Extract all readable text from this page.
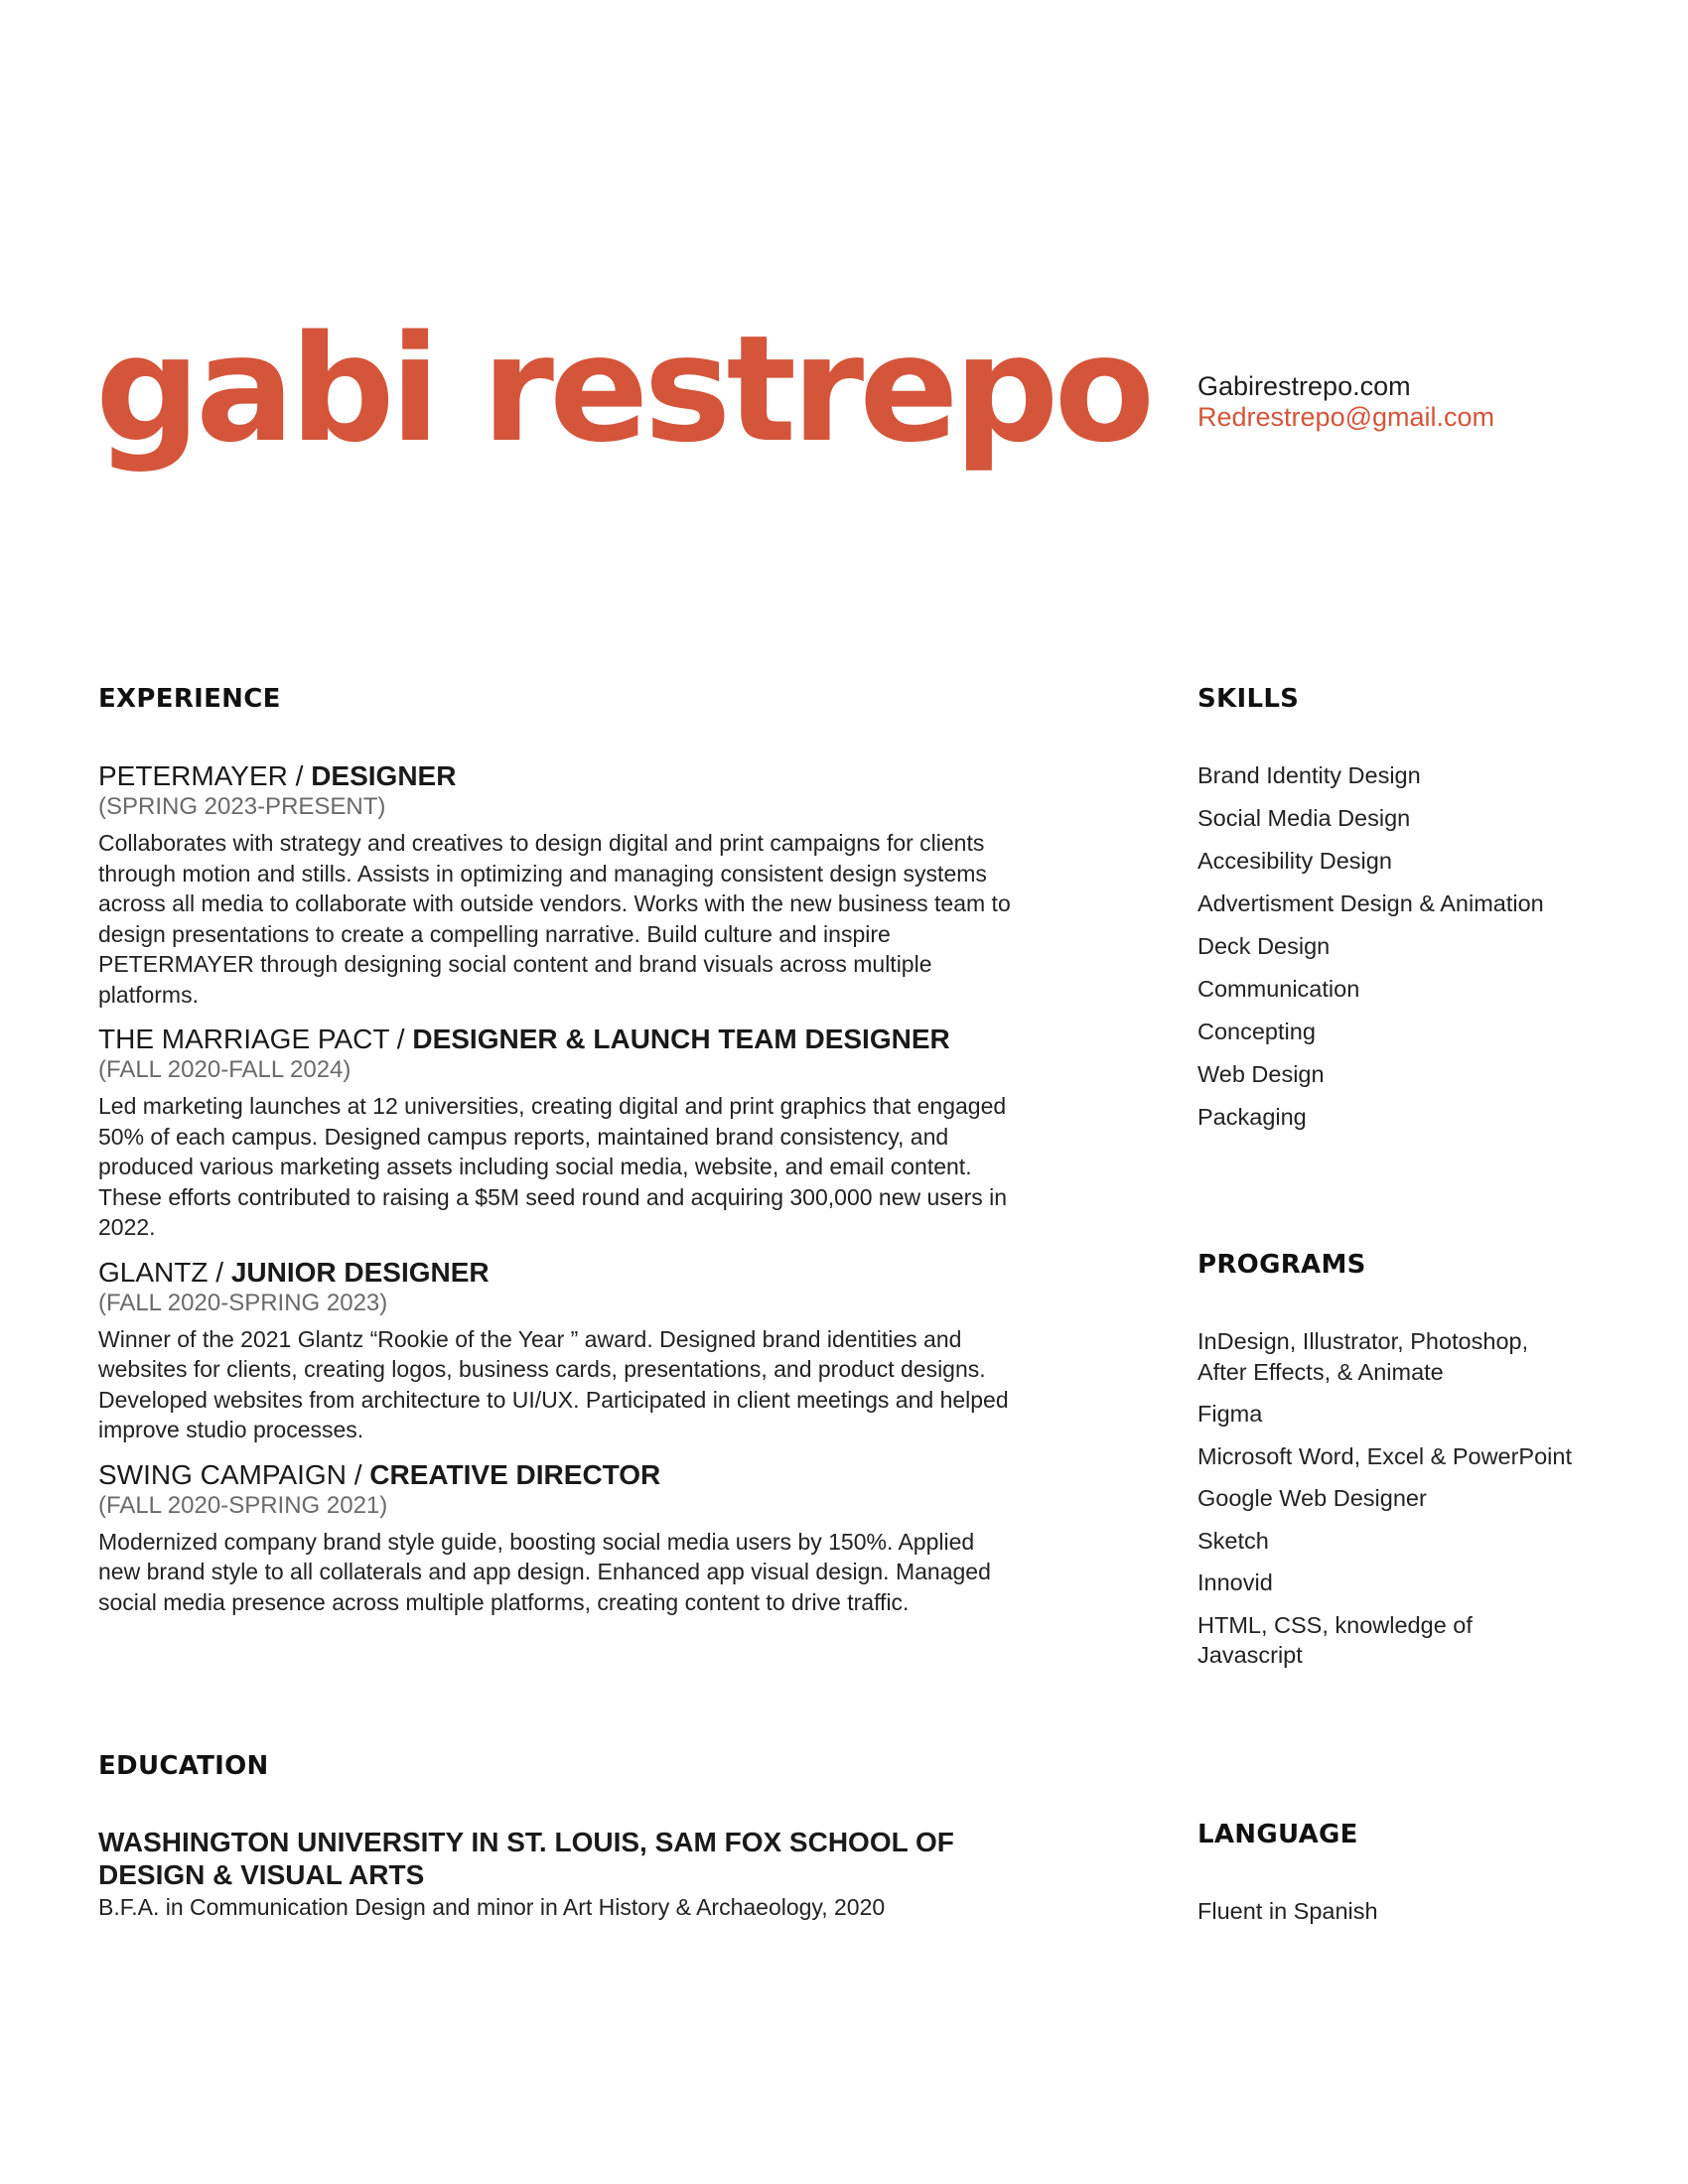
gabi restrepo Gabirestrepo.com
Redrestrepo@gmail.com
EXPERIENCE
PETERMAYER / DESIGNER
(SPRING 2023-PRESENT)

Collaborates with strategy and creatives to design digital and print campaigns for clients through motion and stills. Assists in optimizing and managing consistent design systems across all media to collaborate with outside vendors. Works with the new business team to design presentations to create a compelling narrative. Build culture and inspire PETERMAYER through designing social content and brand visuals across multiple platforms.

THE MARRIAGE PACT / DESIGNER & LAUNCH TEAM DESIGNER
(FALL 2020-FALL 2024)

Led marketing launches at 12 universities, creating digital and print graphics that engaged 50% of each campus. Designed campus reports, maintained brand consistency, and produced various marketing assets including social media, website, and email content. These efforts contributed to raising a $5M seed round and acquiring 300,000 new users in 2022.

GLANTZ / JUNIOR DESIGNER
(FALL 2020-SPRING 2023)

Winner of the 2021 Glantz “Rookie of the Year ” award. Designed brand identities and websites for clients, creating logos, business cards, presentations, and product designs. Developed websites from architecture to UI/UX. Participated in client meetings and helped improve studio processes.

SWING CAMPAIGN / CREATIVE DIRECTOR
(FALL 2020-SPRING 2021)

Modernized company brand style guide, boosting social media users by 150%. Applied new brand style to all collaterals and app design. Enhanced app visual design. Managed social media presence across multiple platforms, creating content to drive traffic.

EDUCATION
WASHINGTON UNIVERSITY IN ST. LOUIS, SAM FOX SCHOOL OF DESIGN & VISUAL ARTS
B.F.A. in Communication Design and minor in Art History & Archaeology, 2020
SKILLS
Brand Identity Design
Social Media Design
Accesibility Design
Advertisment Design & Animation
Deck Design
Communication
Concepting
Web Design
Packaging
PROGRAMS
InDesign, Illustrator, Photoshop, After Effects, & Animate
Figma
Microsoft Word, Excel & PowerPoint
Google Web Designer
Sketch
Innovid
HTML, CSS, knowledge of Javascript
LANGUAGE
Fluent in Spanish
